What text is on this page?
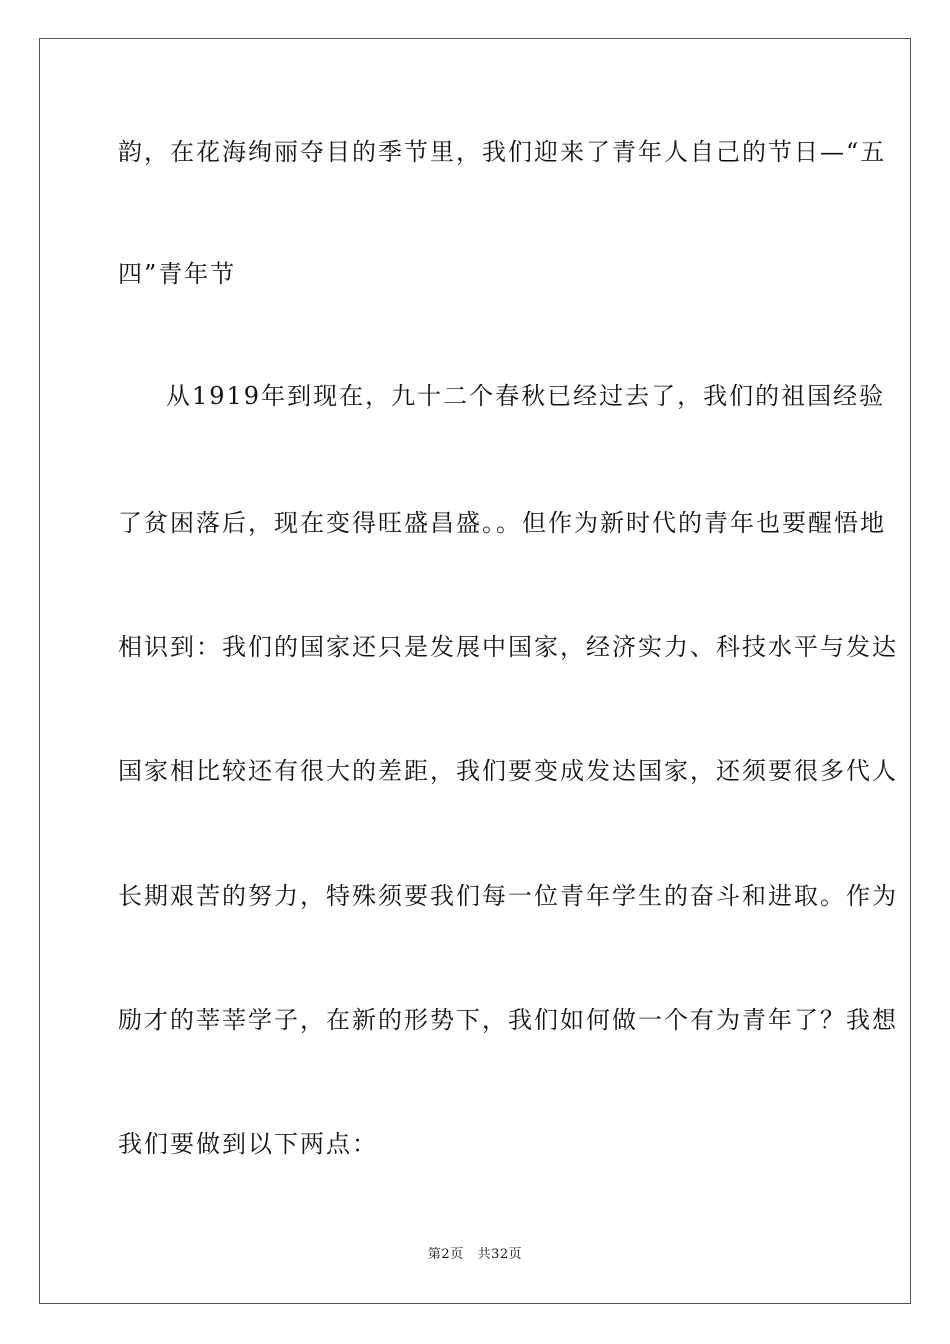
韵，在花海绚丽夺目的季节里，我们迎来了青年人自己的节日—“五
四”青年节
从1919年到现在，九十二个春秋已经过去了，我们的祖国经验
了贫困落后，现在变得旺盛昌盛。。但作为新时代的青年也要醒悟地
相识到：我们的国家还只是发展中国家，经济实力、科技水平与发达
国家相比较还有很大的差距，我们要变成发达国家，还须要很多代人
长期艰苦的努力，特殊须要我们每一位青年学生的奋斗和进取。作为
励才的莘莘学子，在新的形势下，我们如何做一个有为青年了？我想
我们要做到以下两点：
第2页 共32页
